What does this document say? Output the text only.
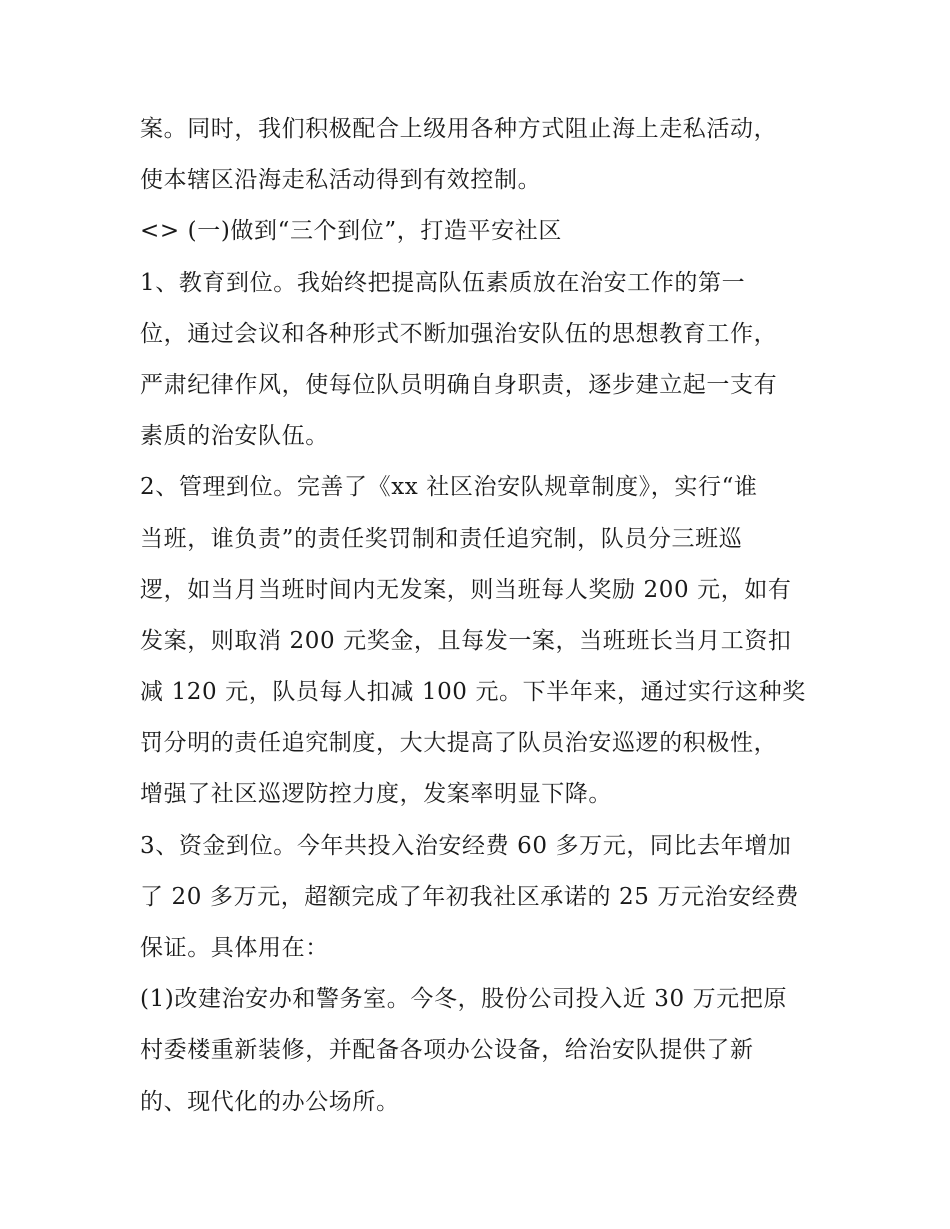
案。同时，我们积极配合上级用各种方式阻止海上走私活动，
使本辖区沿海走私活动得到有效控制。
<> (一)做到“三个到位”，打造平安社区
1、教育到位。我始终把提高队伍素质放在治安工作的第一
位，通过会议和各种形式不断加强治安队伍的思想教育工作，
严肃纪律作风，使每位队员明确自身职责，逐步建立起一支有
素质的治安队伍。
2、管理到位。完善了《xx 社区治安队规章制度》，实行“谁
当班，谁负责”的责任奖罚制和责任追究制，队员分三班巡
逻，如当月当班时间内无发案，则当班每人奖励 200 元，如有
发案，则取消 200 元奖金，且每发一案，当班班长当月工资扣
减 120 元，队员每人扣减 100 元。下半年来，通过实行这种奖
罚分明的责任追究制度，大大提高了队员治安巡逻的积极性，
增强了社区巡逻防控力度，发案率明显下降。
3、资金到位。今年共投入治安经费 60 多万元，同比去年增加
了 20 多万元，超额完成了年初我社区承诺的 25 万元治安经费
保证。具体用在：
(1)改建治安办和警务室。今冬，股份公司投入近 30 万元把原
村委楼重新装修，并配备各项办公设备，给治安队提供了新
的、现代化的办公场所。
